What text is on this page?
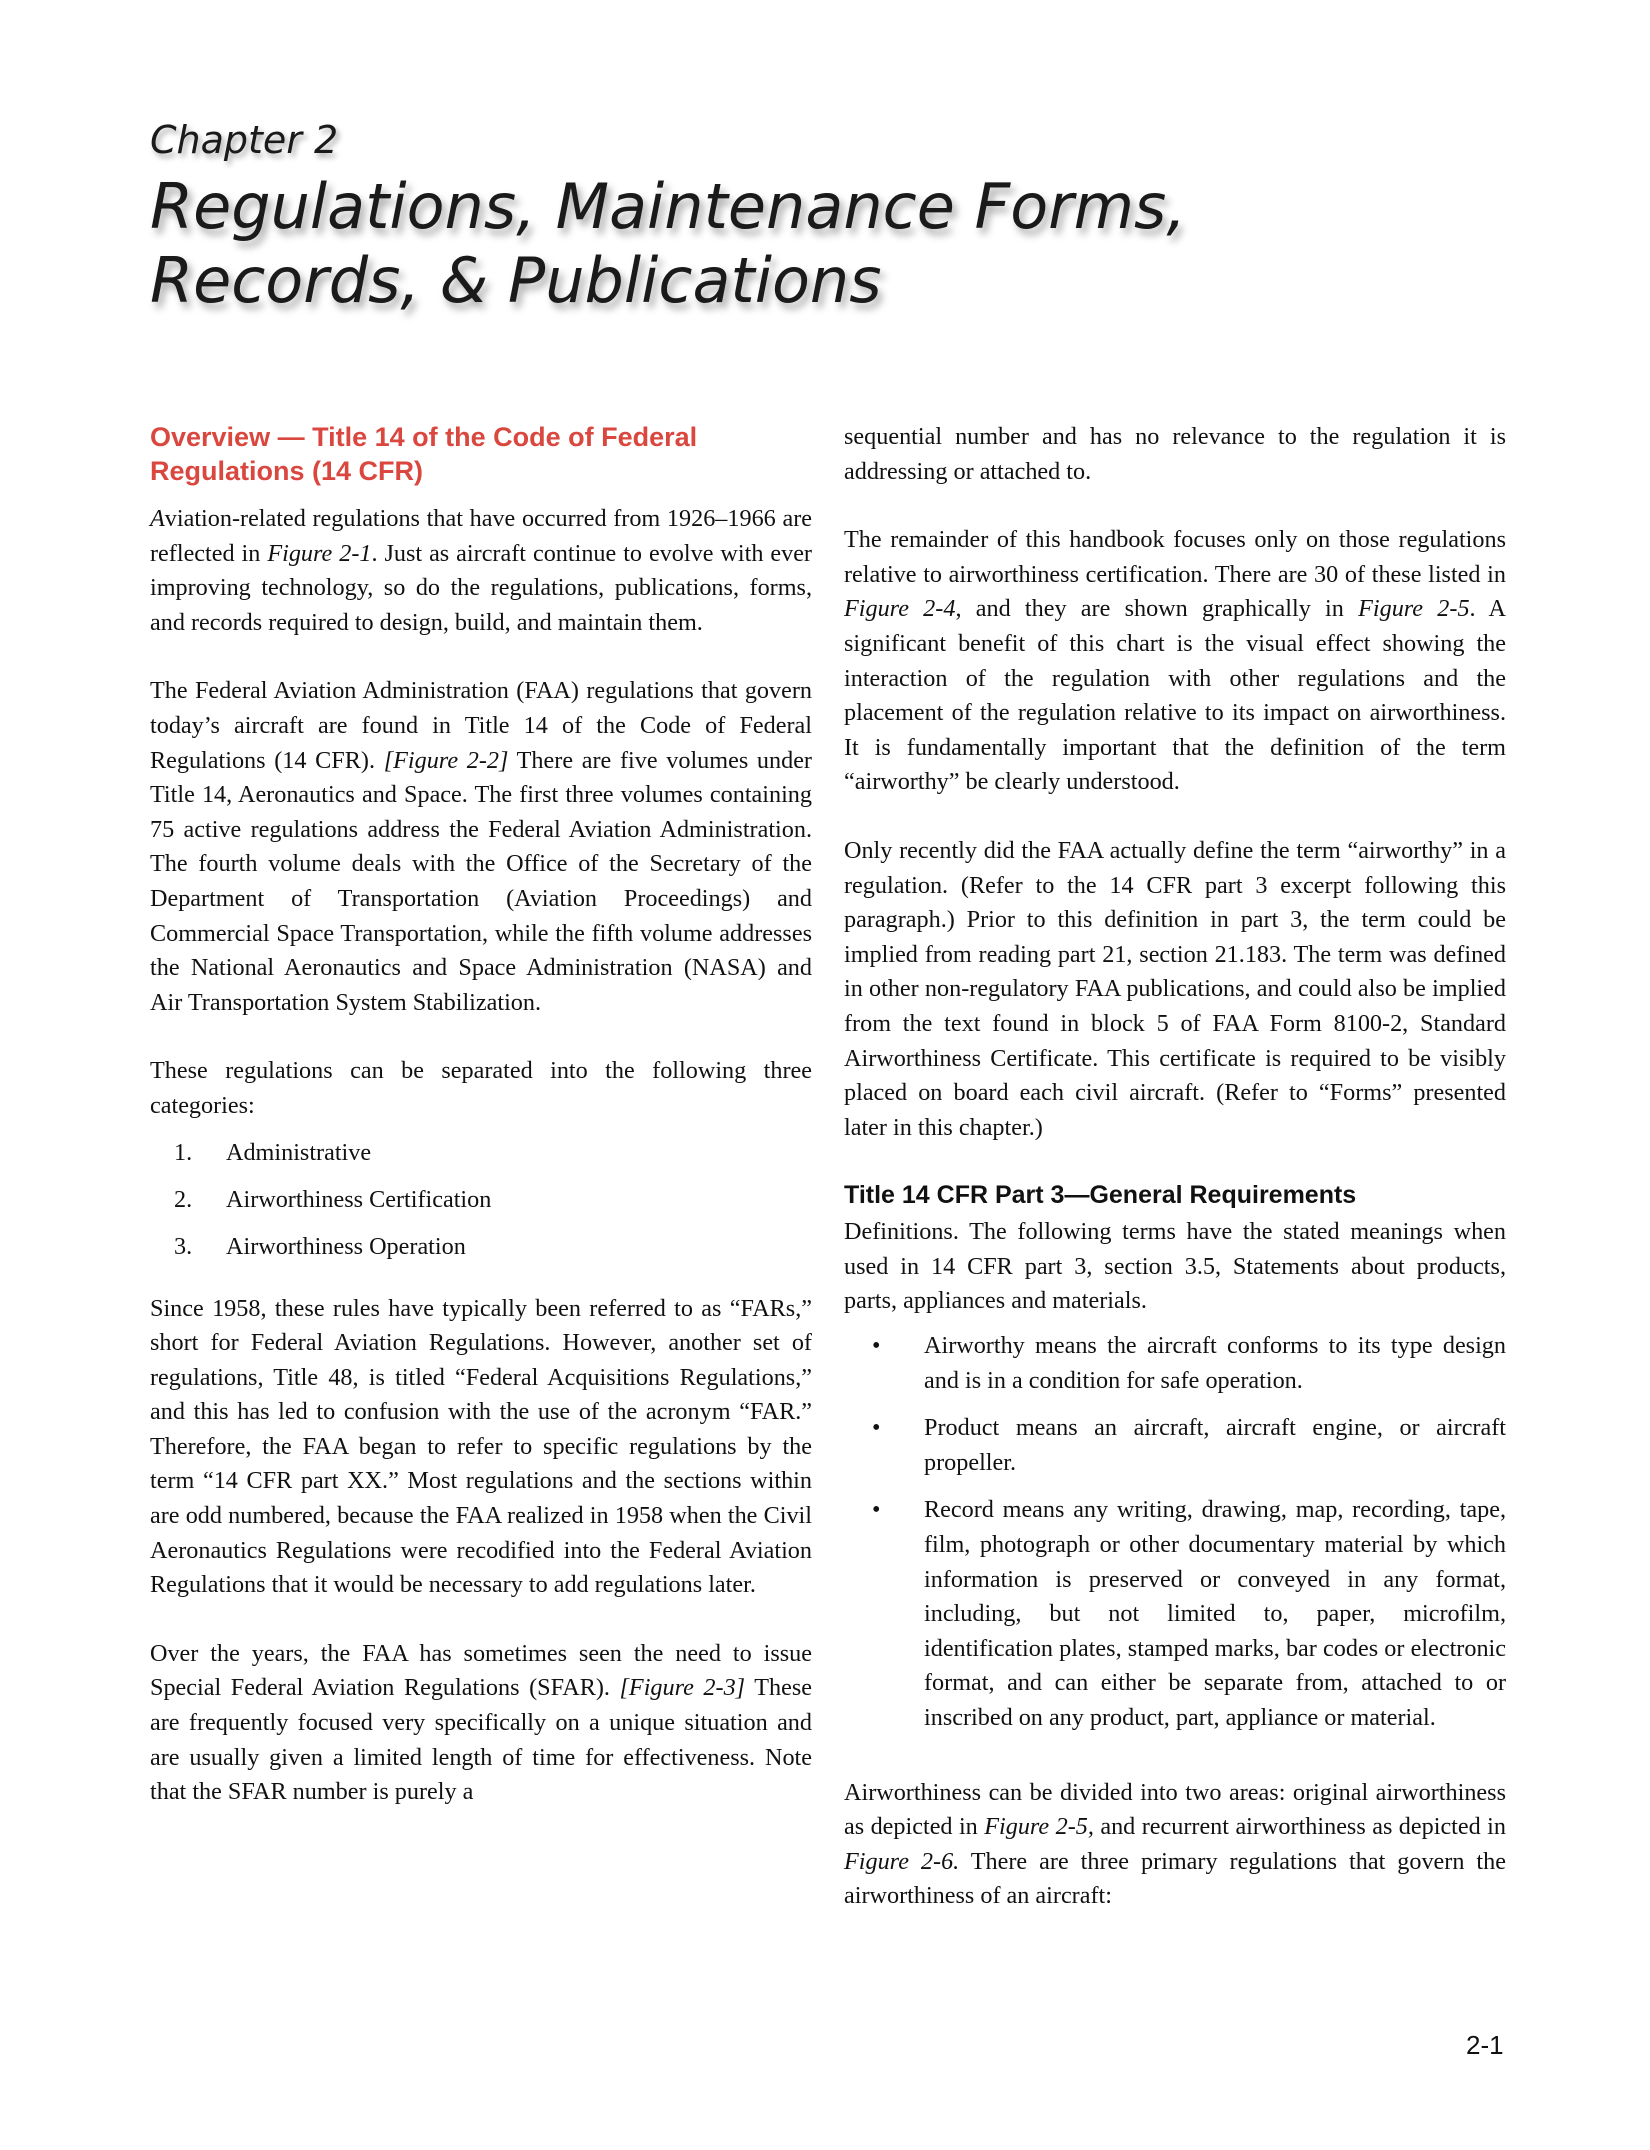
Chapter 2
Regulations, Maintenance Forms,
Records, & Publications
Overview — Title 14 of the Code of Federal Regulations (14 CFR)

Aviation-related regulations that have occurred from 1926–1966 are reflected in Figure 2-1. Just as aircraft continue to evolve with ever improving technology, so do the regulations, publications, forms, and records required to design, build, and maintain them.

The Federal Aviation Administration (FAA) regulations that govern today’s aircraft are found in Title 14 of the Code of Federal Regulations (14 CFR). [Figure 2-2] There are five volumes under Title 14, Aeronautics and Space. The first three volumes containing 75 active regulations address the Federal Aviation Administration. The fourth volume deals with the Office of the Secretary of the Department of Transportation (Aviation Proceedings) and Commercial Space Transportation, while the fifth volume addresses the National Aeronautics and Space Administration (NASA) and Air Transportation System Stabilization.

These regulations can be separated into the following three categories:

1.	Administrative
2.	Airworthiness Certification
3.	Airworthiness Operation

Since 1958, these rules have typically been referred to as “FARs,” short for Federal Aviation Regulations. However, another set of regulations, Title 48, is titled “Federal Acquisitions Regulations,” and this has led to confusion with the use of the acronym “FAR.” Therefore, the FAA began to refer to specific regulations by the term “14 CFR part XX.” Most regulations and the sections within are odd numbered, because the FAA realized in 1958 when the Civil Aeronautics Regulations were recodified into the Federal Aviation Regulations that it would be necessary to add regulations later.

Over the years, the FAA has sometimes seen the need to issue Special Federal Aviation Regulations (SFAR). [Figure 2-3] These are frequently focused very specifically on a unique situation and are usually given a limited length of time for effectiveness. Note that the SFAR number is purely a

sequential number and has no relevance to the regulation it is addressing or attached to.

The remainder of this handbook focuses only on those regulations relative to airworthiness certification. There are 30 of these listed in Figure 2-4, and they are shown graphically in Figure 2-5. A significant benefit of this chart is the visual effect showing the interaction of the regulation with other regulations and the placement of the regulation relative to its impact on airworthiness. It is fundamentally important that the definition of the term “airworthy” be clearly understood.

Only recently did the FAA actually define the term “airworthy” in a regulation. (Refer to the 14 CFR part 3 excerpt following this paragraph.) Prior to this definition in part 3, the term could be implied from reading part 21, section 21.183. The term was defined in other non-regulatory FAA publications, and could also be implied from the text found in block 5 of FAA Form 8100-2, Standard Airworthiness Certificate. This certificate is required to be visibly placed on board each civil aircraft. (Refer to “Forms” presented later in this chapter.)

Title 14 CFR Part 3—General Requirements

Definitions. The following terms have the stated meanings when used in 14 CFR part 3, section 3.5, Statements about products, parts, appliances and materials.

•	Airworthy means the aircraft conforms to its type design and is in a condition for safe operation.
•	Product means an aircraft, aircraft engine, or aircraft propeller.
•	Record means any writing, drawing, map, recording, tape, film, photograph or other documentary material by which information is preserved or conveyed in any format, including, but not limited to, paper, microfilm, identification plates, stamped marks, bar codes or electronic format, and can either be separate from, attached to or inscribed on any product, part, appliance or material.

Airworthiness can be divided into two areas: original airworthiness as depicted in Figure 2-5, and recurrent airworthiness as depicted in Figure 2-6. There are three primary regulations that govern the airworthiness of an aircraft:

2-1
